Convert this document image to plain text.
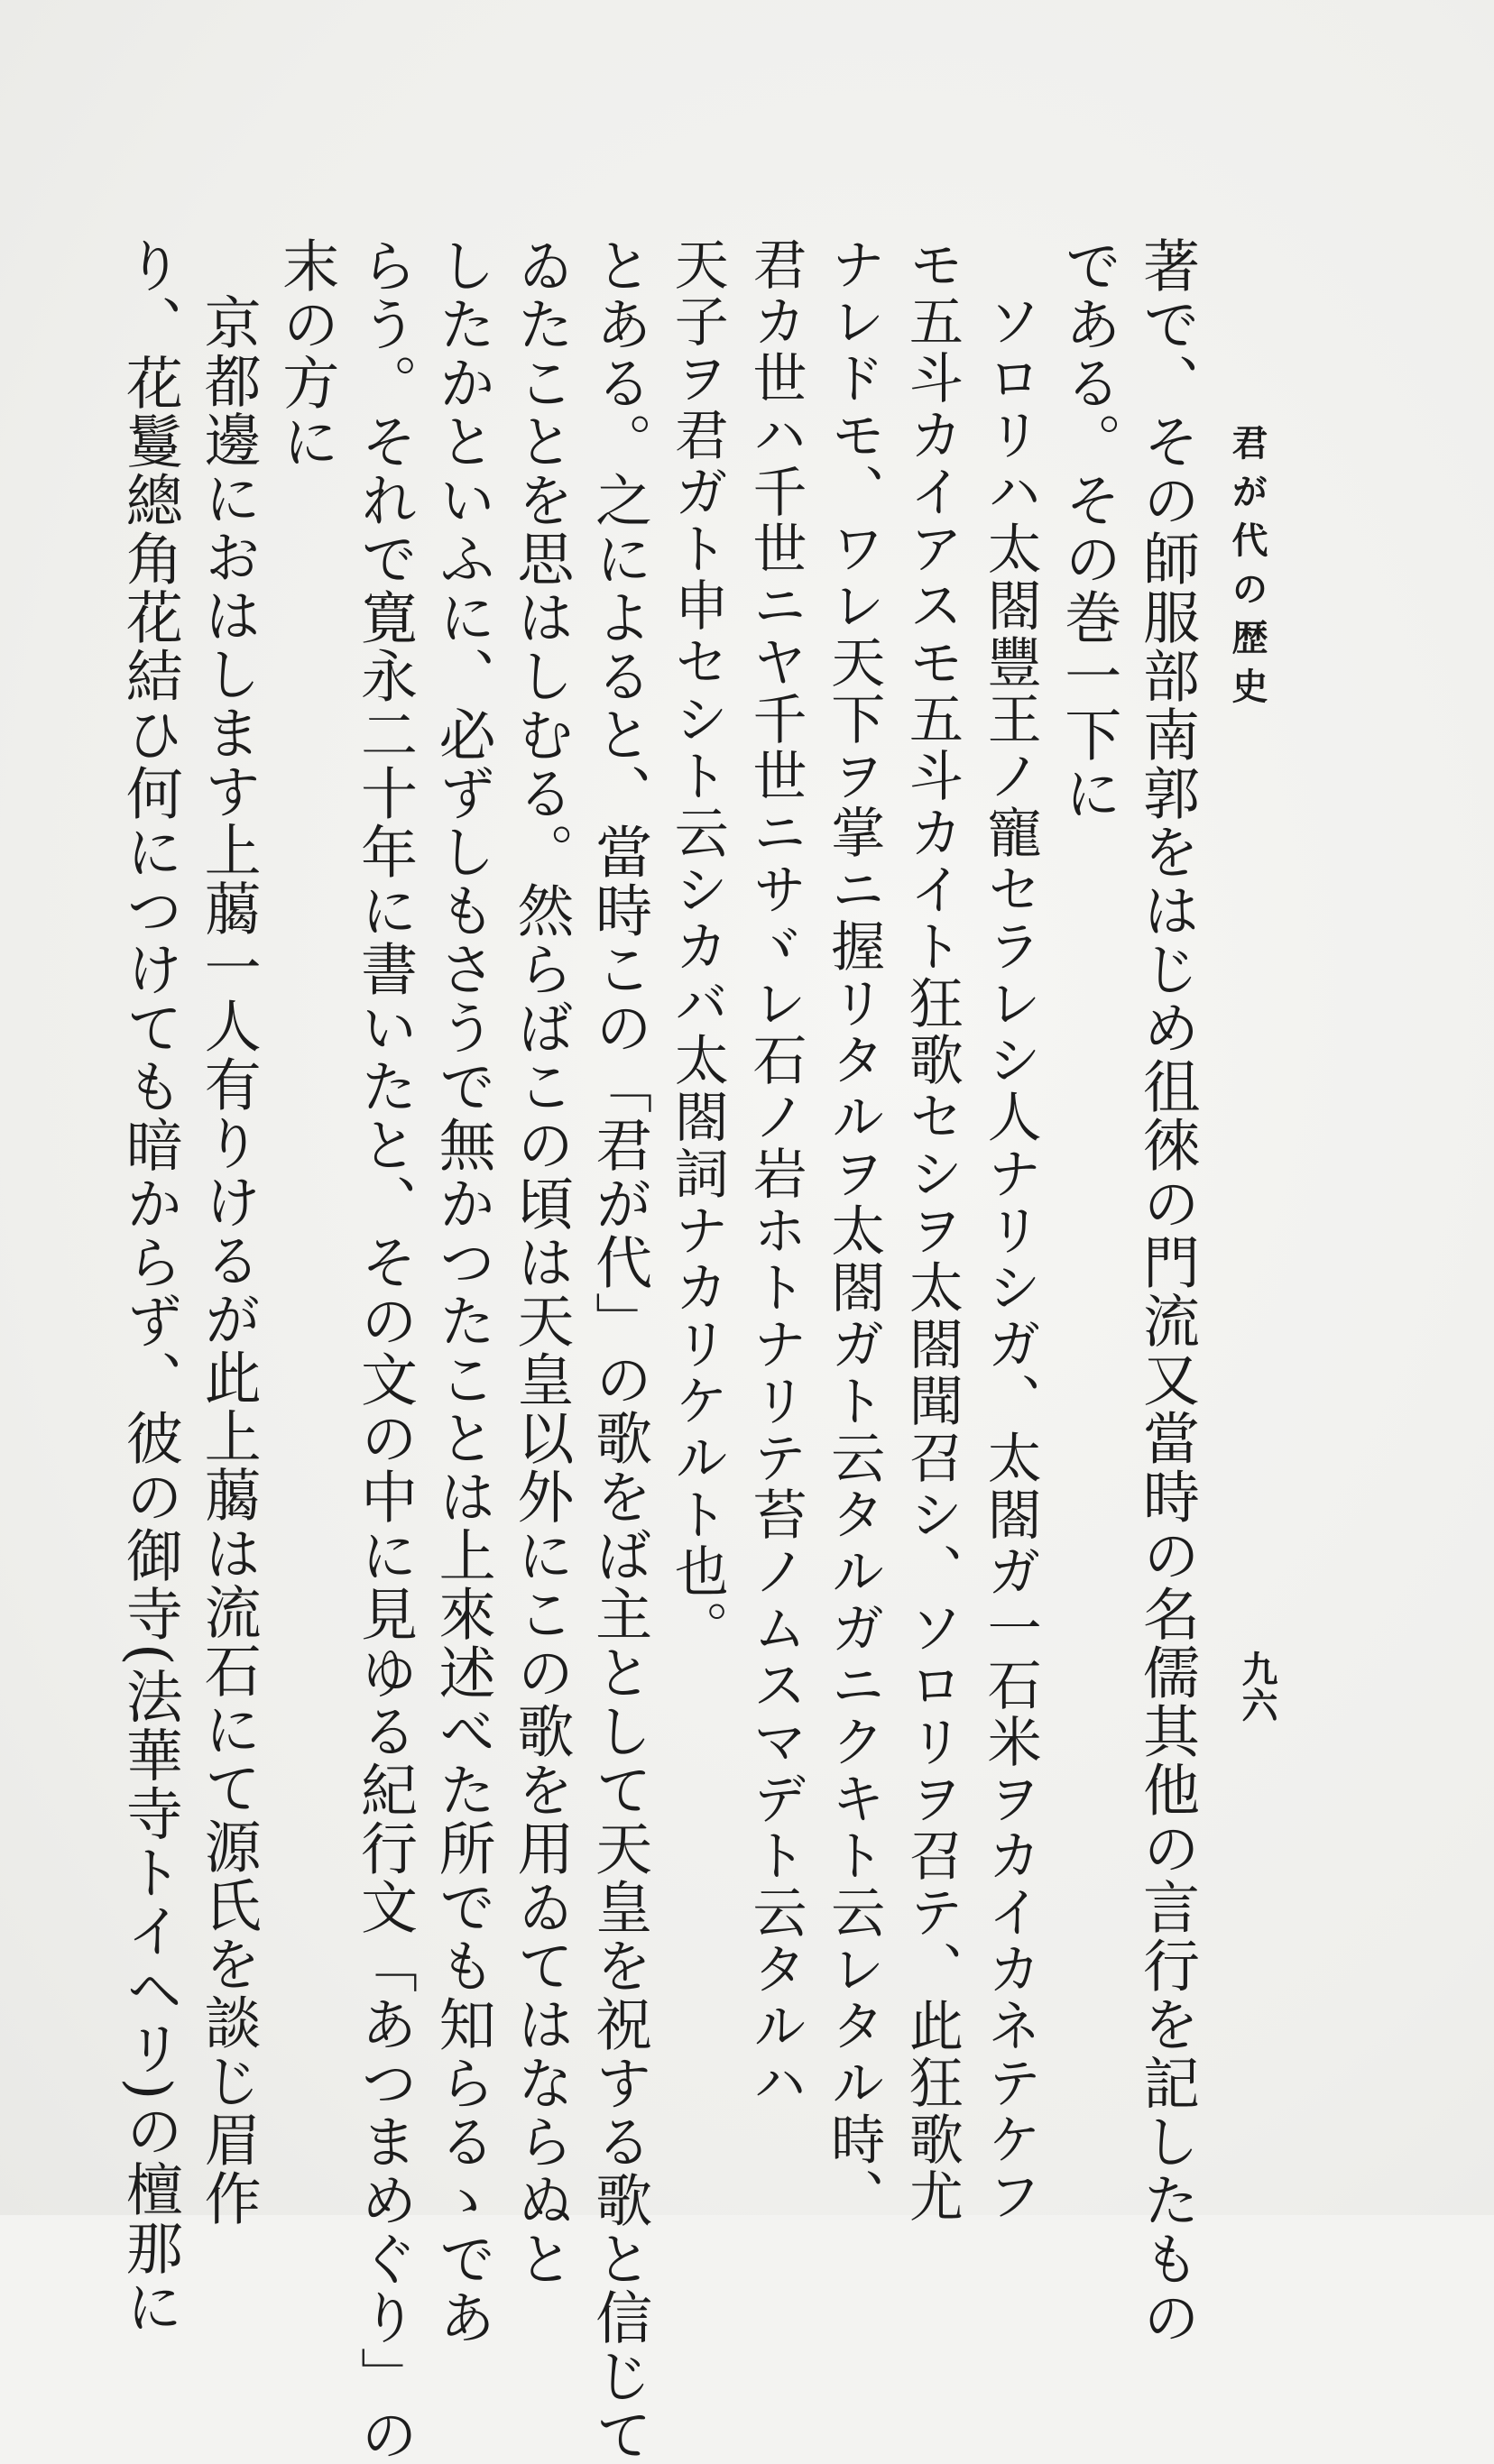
君が代の歴史
九六
著で、その師服部南郭をはじめ徂徠の門流又當時の名儒其他の言行を記したもの
である。その巻一下に
ソロリハ太閤豐王ノ寵セラレシ人ナリシガ、太閤ガ一石米ヲカイカネテケフ
モ五斗カイアスモ五斗カイト狂歌セシヲ太閤聞召シ、ソロリヲ召テ、此狂歌尤
ナレドモ、ワレ天下ヲ掌ニ握リタルヲ太閤ガト云タルガニクキト云レタル時、
君カ世ハ千世ニヤ千世ニサヾレ石ノ岩ホトナリテ苔ノムスマデト云タルハ
天子ヲ君ガト申セシト云シカバ太閤詞ナカリケルト也。
とある。之によると、當時この「君が代」の歌をば主として天皇を祝する歌と信じて
ゐたことを思はしむる。然らばこの頃は天皇以外にこの歌を用ゐてはならぬと
したかといふに、必ずしもさうで無かつたことは上來述べた所でも知らるゝであ
らう。それで寛永二十年に書いたと、その文の中に見ゆる紀行文「あつまめぐり」の
末の方に
京都邊におはします上﨟一人有りけるが此上﨟は流石にて源氏を談じ眉作
り、花鬘總角花結ひ何につけても暗からず、彼の御寺(法華寺トイヘリ)の檀那に
